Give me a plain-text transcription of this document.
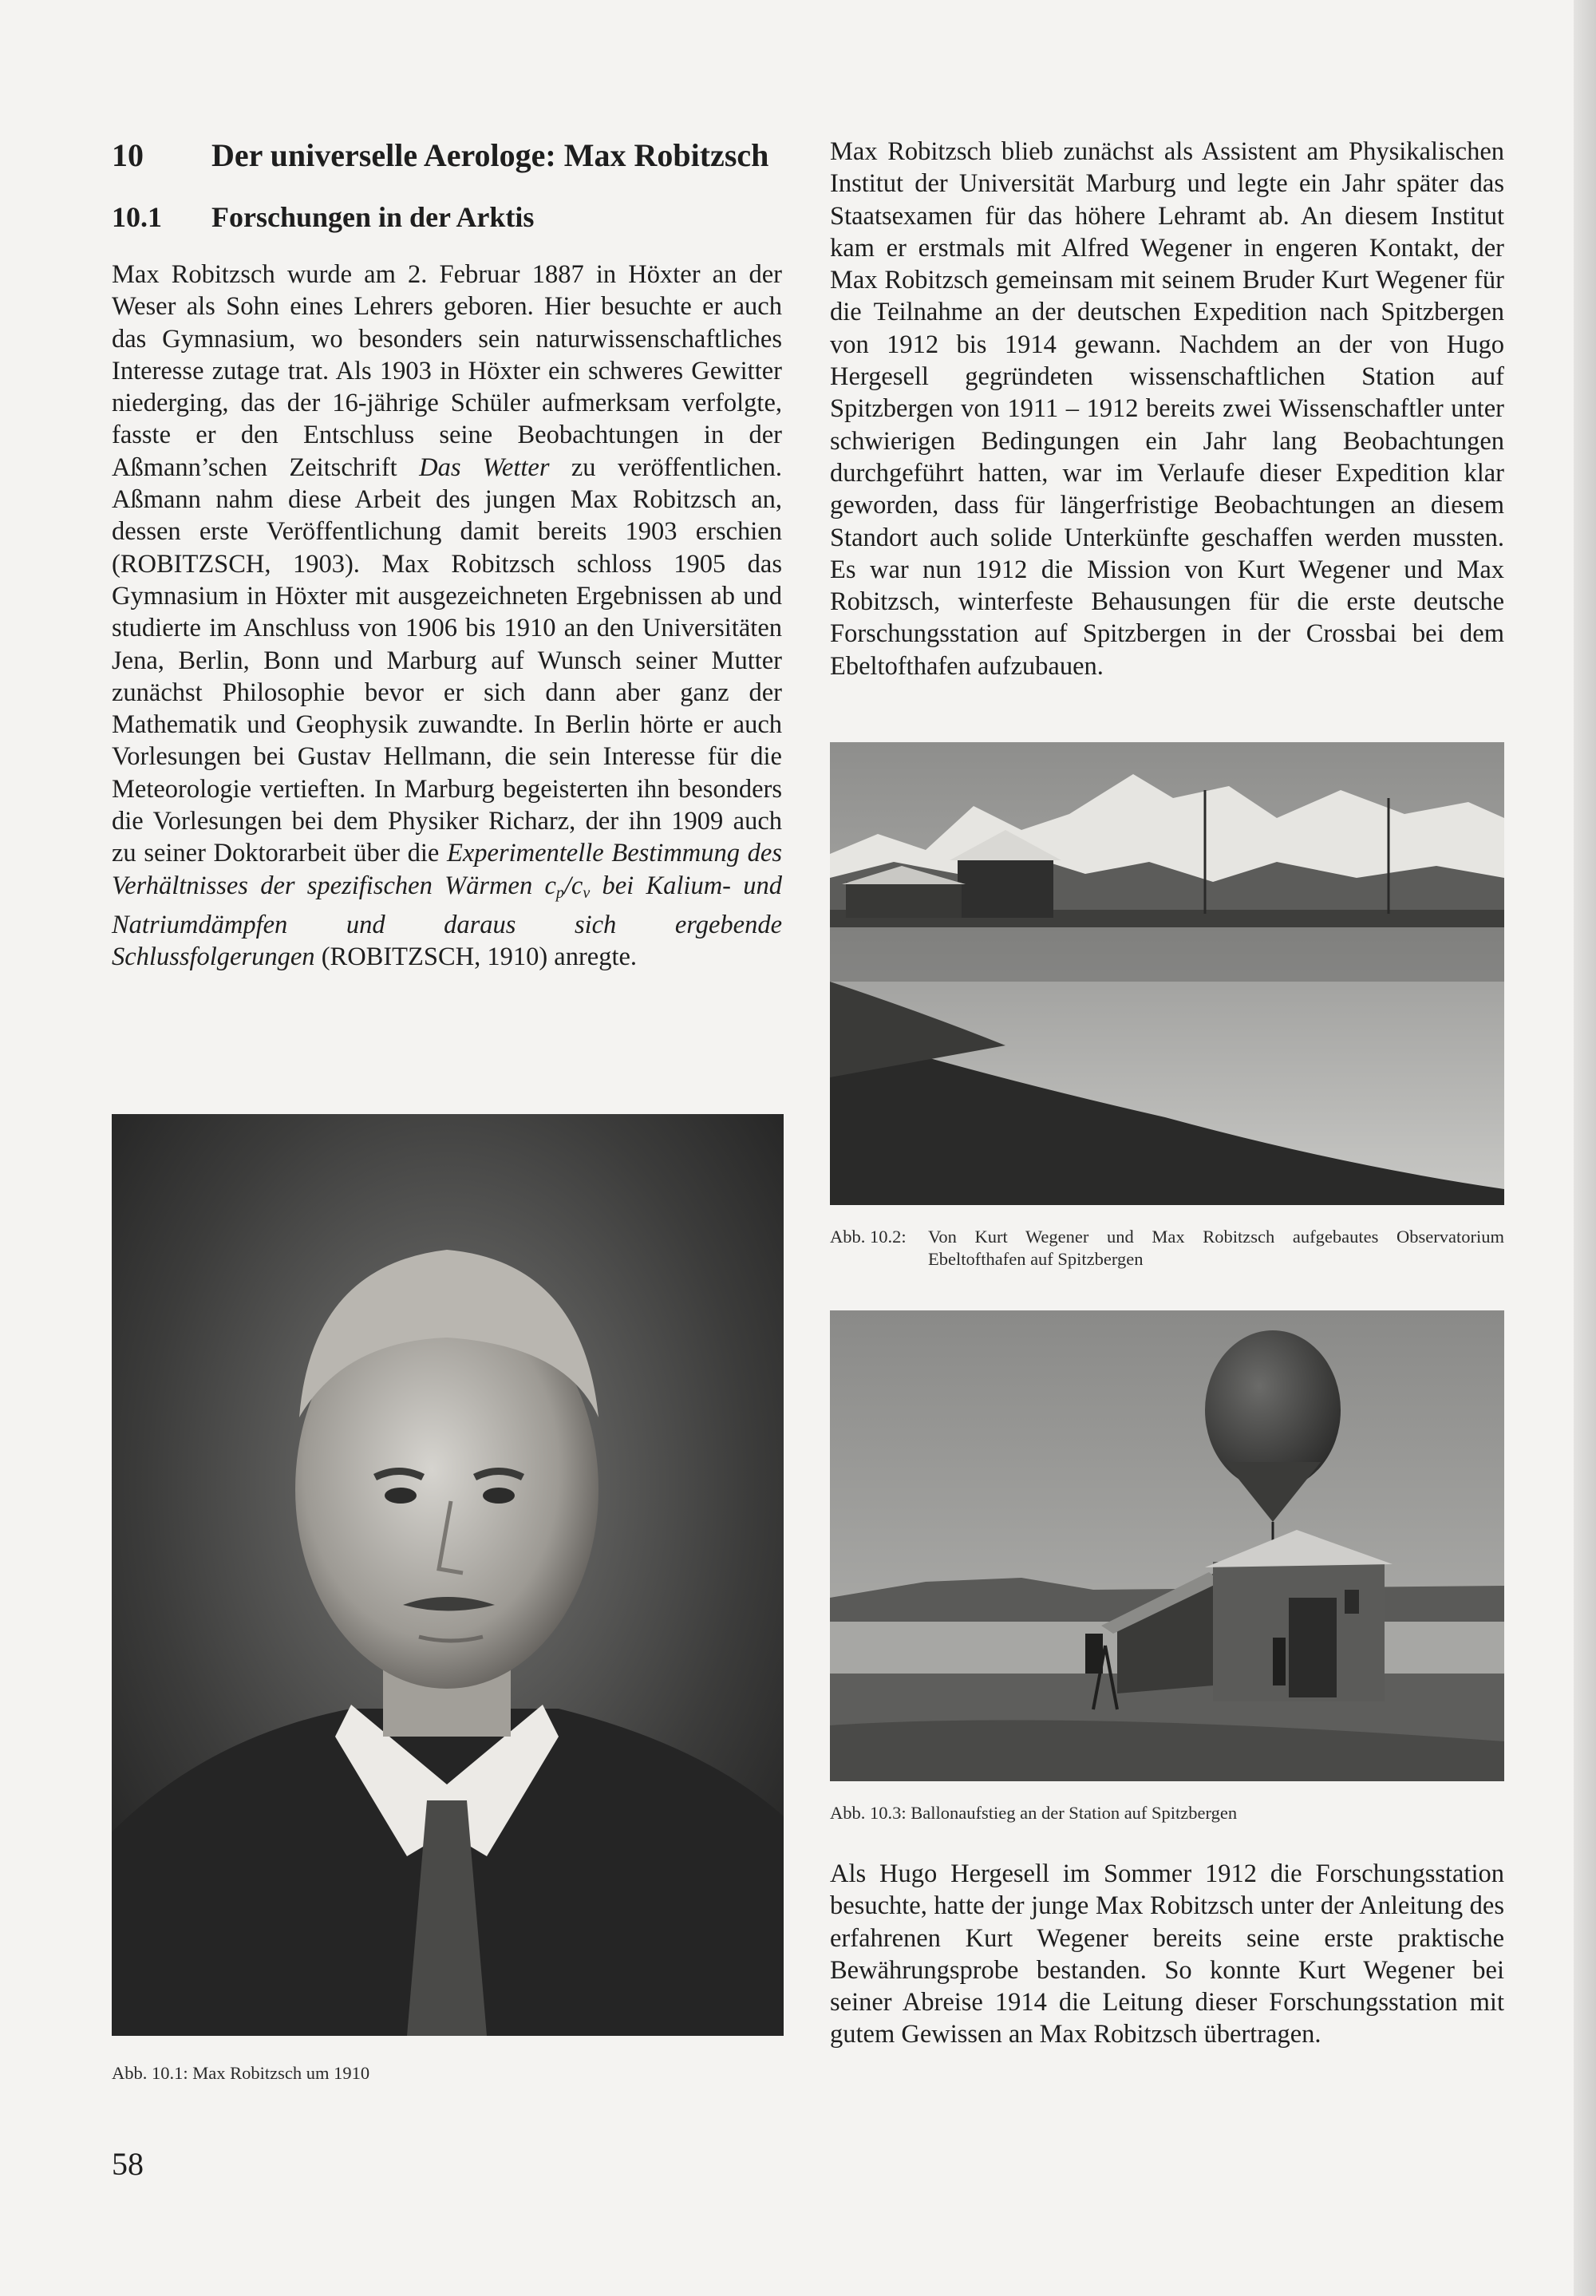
10	Der universelle Aerologe: Max Robitzsch
10.1	Forschungen in der Arktis

Max Robitzsch wurde am 2. Februar 1887 in Höxter an der Weser als Sohn eines Lehrers geboren. Hier besuchte er auch das Gymnasium, wo besonders sein naturwissenschaftliches Interesse zutage trat. Als 1903 in Höxter ein schweres Gewitter niederging, das der 16-jährige Schüler aufmerksam verfolgte, fasste er den Entschluss seine Beobachtungen in der Aßmann’schen Zeitschrift Das Wetter zu veröffentlichen. Aßmann nahm diese Arbeit des jungen Max Robitzsch an, dessen erste Veröffentlichung damit bereits 1903 erschien (ROBITZSCH, 1903). Max Robitzsch schloss 1905 das Gymnasium in Höxter mit ausgezeichneten Ergebnissen ab und studierte im Anschluss von 1906 bis 1910 an den Universitäten Jena, Berlin, Bonn und Marburg auf Wunsch seiner Mutter zunächst Philosophie bevor er sich dann aber ganz der Mathematik und Geophysik zuwandte. In Berlin hörte er auch Vorlesungen bei Gustav Hellmann, die sein Interesse für die Meteorologie vertieften. In Marburg begeisterten ihn besonders die Vorlesungen bei dem Physiker Richarz, der ihn 1909 auch zu seiner Doktorarbeit über die Experimentelle Bestimmung des Verhältnisses der spezifischen Wärmen $c_p/c_v$ bei Kalium- und Natriumdämpfen und daraus sich ergebende Schlussfolgerungen (ROBITZSCH, 1910) anregte.

Abb. 10.1: Max Robitzsch um 1910

Max Robitzsch blieb zunächst als Assistent am Physikalischen Institut der Universität Marburg und legte ein Jahr später das Staatsexamen für das höhere Lehramt ab. An diesem Institut kam er erstmals mit Alfred Wegener in engeren Kontakt, der Max Robitzsch gemeinsam mit seinem Bruder Kurt Wegener für die Teilnahme an der deutschen Expedition nach Spitzbergen von 1912 bis 1914 gewann. Nachdem an der von Hugo Hergesell gegründeten wissenschaftlichen Station auf Spitzbergen von 1911 – 1912 bereits zwei Wissenschaftler unter schwierigen Bedingungen ein Jahr lang Beobachtungen durchgeführt hatten, war im Verlaufe dieser Expedition klar geworden, dass für längerfristige Beobachtungen an diesem Standort auch solide Unterkünfte geschaffen werden mussten. Es war nun 1912 die Mission von Kurt Wegener und Max Robitzsch, winterfeste Behausungen für die erste deutsche Forschungsstation auf Spitzbergen in der Crossbai bei dem Ebeltofthafen aufzubauen.

Abb. 10.2:	Von Kurt Wegener und Max Robitzsch aufgebautes Observatorium Ebeltofthafen auf Spitzbergen
Abb. 10.3: Ballonaufstieg an der Station auf Spitzbergen

Als Hugo Hergesell im Sommer 1912 die Forschungsstation besuchte, hatte der junge Max Robitzsch unter der Anleitung des erfahrenen Kurt Wegener bereits seine erste praktische Bewährungsprobe bestanden. So konnte Kurt Wegener bei seiner Abreise 1914 die Leitung dieser Forschungsstation mit gutem Gewissen an Max Robitzsch übertragen.

58
